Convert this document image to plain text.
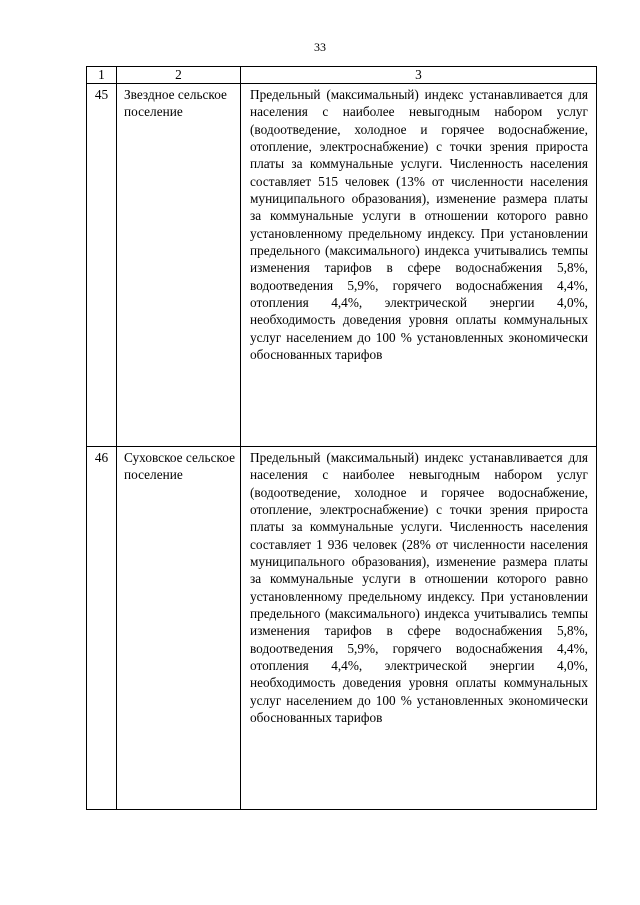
33
1	2	3
45	Звездное сельское поселение	Предельный (максимальный) индекс устанавливается для населения с наиболее невыгодным набором услуг (водоотведение, холодное и горячее водоснабжение, отопление, электроснабжение) с точки зрения прироста платы за коммунальные услуги. Численность населения составляет 515 человек (13% от численности населения муниципального образования), изменение размера платы за коммунальные услуги в отношении которого равно установленному предельному индексу. При установлении предельного (максимального) индекса учитывались темпы изменения тарифов в сфере водоснабжения 5,8%, водоотведения 5,9%, горячего водоснабжения 4,4%, отопления 4,4%, электрической энергии 4,0%, необходимость доведения уровня оплаты коммунальных услуг населением до 100 % установленных экономически обоснованных тарифов
46	Суховское сельское поселение	Предельный (максимальный) индекс устанавливается для населения с наиболее невыгодным набором услуг (водоотведение, холодное и горячее водоснабжение, отопление, электроснабжение) с точки зрения прироста платы за коммунальные услуги. Численность населения составляет 1 936 человек (28% от численности населения муниципального образования), изменение размера платы за коммунальные услуги в отношении которого равно установленному предельному индексу. При установлении предельного (максимального) индекса учитывались темпы изменения тарифов в сфере водоснабжения 5,8%, водоотведения 5,9%, горячего водоснабжения 4,4%, отопления 4,4%, электрической энергии 4,0%, необходимость доведения уровня оплаты коммунальных услуг населением до 100 % установленных экономически обоснованных тарифов
